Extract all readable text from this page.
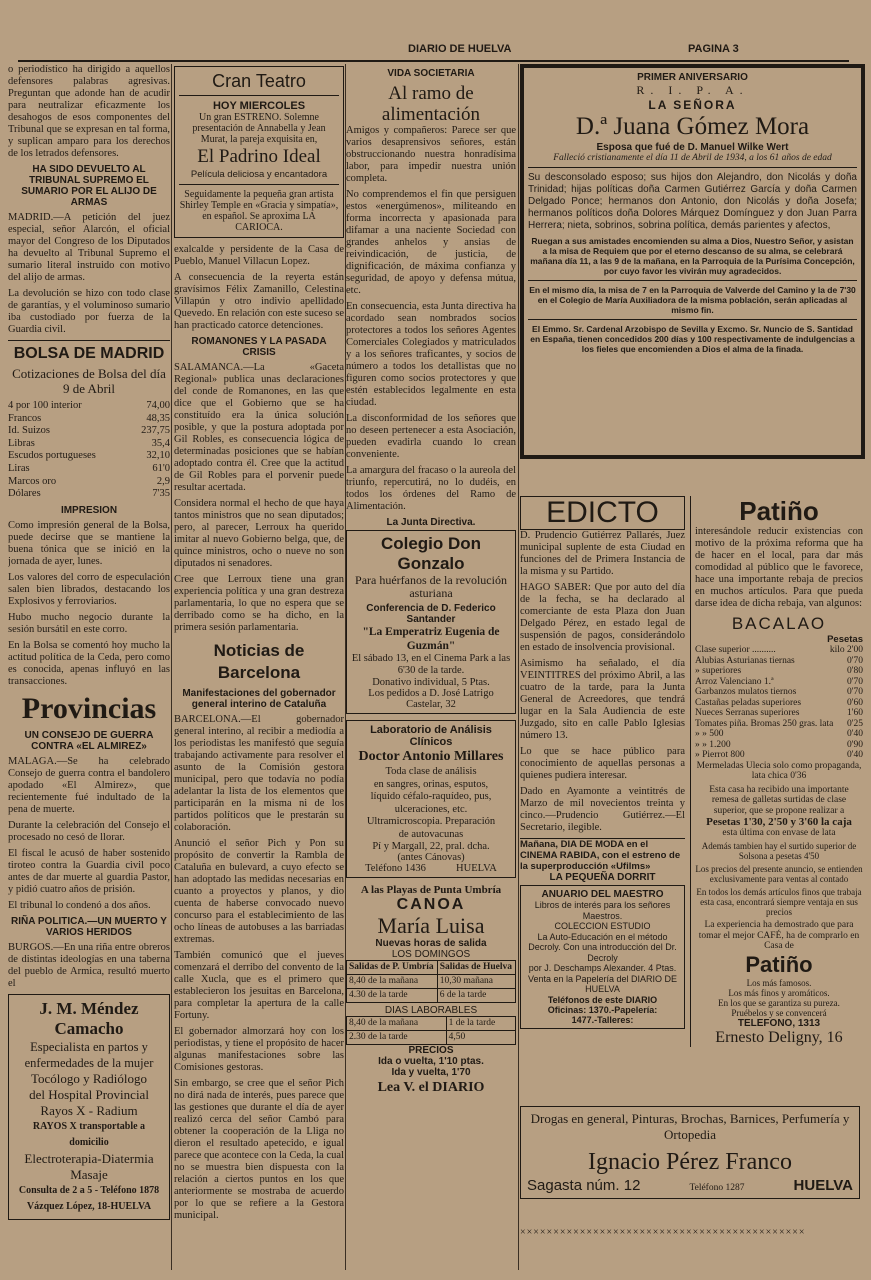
DIARIO DE HUELVA	PAGINA 3

o periodístico ha dirigido a aquellos defensores palabras agresivas. Preguntan que adonde han de acudir para neutralizar eficazmente los desahogos de esos componentes del Tribunal que se expresan en tal forma, y suplican amparo para los derechos de los letrados defensores.

HA SIDO DEVUELTO AL TRIBUNAL SUPREMO EL SUMARIO POR EL ALIJO DE ARMAS

MADRID.—A petición del juez especial, señor Alarcón, el oficial mayor del Congreso de los Diputados ha devuelto al Tribunal Supremo el sumario literal instruido con motivo del alijo de armas.

La devolución se hizo con todo clase de garantías, y el voluminoso sumario iba custodiado por fuerza de la Guardia civil.

BOLSA DE MADRID
Cotizaciones de Bolsa del día 9 de Abril
4 por 100 interior	74,00
Francos	48,35
Id. Suizos	237,75
Libras	35,4
Escudos portugueses	32,10
Liras	61'0
Marcos oro	2,9
Dólares	7'35
IMPRESION

Como impresión general de la Bolsa, puede decirse que se mantiene la buena tónica que se inició en la jornada de ayer, lunes.

Los valores del corro de especulación salen bien librados, destacando los Explosivos y ferroviarios.

Hubo mucho negocio durante la sesión bursátil en este corro.

En la Bolsa se comentó hoy mucho la actitud política de la Ceda, pero como es conocida, apenas influyó en las transacciones.

Provincias
UN CONSEJO DE GUERRA CONTRA «EL ALMIREZ»

MALAGA.—Se ha celebrado Consejo de guerra contra el bandolero apodado «El Almirez», que recientemente fué indultado de la pena de muerte.

Durante la celebración del Consejo el procesado no cesó de llorar.

El fiscal le acusó de haber sostenido tiroteo contra la Guardia civil poco antes de dar muerte al guardia Pastor, y pidió cuatro años de prisión.

El tribunal lo condenó a dos años.

RIÑA POLITICA.—UN MUERTO Y VARIOS HERIDOS

BURGOS.—En una riña entre obreros de distintas ideologías en una taberna del pueblo de Armica, resultó muerto el

J. M. Méndez Camacho
Especialista en partos y
enfermedades de la mujer
Tocólogo y Radiólogo
del Hospital Provincial
Rayos X - Radium
RAYOS X transportable a domicilio
Electroterapia-Diatermia
Masaje
Consulta de 2 a 5 - Teléfono 1878
Vázquez López, 18-HUELVA
Cran Teatro
HOY MIERCOLES
Un gran ESTRENO. Solemne presentación de Annabella y Jean Murat, la pareja exquisita en,
El Padrino Ideal
Película deliciosa y encantadora
Seguidamente la pequeña gran artista Shirley Temple en «Gracia y simpatía», en español. Se aproxima LA CARIOCA.

exalcalde y persidente de la Casa de Pueblo, Manuel Villacun Lopez.

A consecuencia de la reyerta están gravísimos Félix Zamanillo, Celestina Villapún y otro indivio apellidado Quevedo. En relación con este suceso se han practicado catorce detenciones.

ROMANONES Y LA PASADA CRISIS

SALAMANCA.—La «Gaceta Regional» publica unas declaraciones del conde de Romanones, en las que dice que el Gobierno que se ha constituído era la única solución posible, y que la postura adoptada por Gil Robles, es consecuencia lógica de determinadas posiciones que se habían adoptado contra él. Cree que la actitud de Gil Robles para el porvenir puede resultar acertada.

Considera normal el hecho de que haya tantos ministros que no sean diputados; pero, al parecer, Lerroux ha querido imitar al nuevo Gobierno belga, que, de quince ministros, ocho o nueve no son diputados ni senadores.

Cree que Lerroux tiene una gran experiencia política y una gran destreza parlamentaria, lo que no espera que se derribado como se ha dicho, en la primera sesión parlamentaria.

Noticias de Barcelona
Manifestaciones del gobernador general interino de Cataluña

BARCELONA.—El gobernador general interino, al recibir a mediodía a los periodistas les manifestó que seguía trabajando activamente para resolver el asunto de la Comisión gestora municipal, pero que todavía no podía adelantar la lista de los elementos que participarán en la misma ni de los partidos políticos que le prestarán su colaboración.

Anunció el señor Pich y Pon su propósito de convertir la Rambla de Cataluña en bulevard, a cuyo efecto se han adoptado las medidas necesarias en cuanto a proyectos y planos, y dio cuenta de haberse convocado nuevo concurso para el establecimiento de las ocho líneas de autobuses a las barriadas extremas.

También comunicó que el jueves comenzará el derribo del convento de la calle Xucla, que es el primero que establecieron los jesuitas en Barcelona, para completar la apertura de la calle Fortuny.

El gobernador almorzará hoy con los periodistas, y tiene el propósito de hacer algunas manifestaciones sobre las Comisiones gestoras.

Sin embargo, se cree que el señor Pich no dirá nada de interés, pues parece que las gestiones que durante el día de ayer realizó cerca del señor Cambó para obtener la cooperación de la Lliga no dieron el resultado apetecido, e igual parece que acontece con la Ceda, la cual no se muestra bien dispuesta con la relación a ciertos puntos en los que anteriormente se mostraba de acuerdo por lo que se refiere a la Gestora municipal.

VIDA SOCIETARIA
Al ramo de alimentación

Amigos y compañeros: Parece ser que varios desaprensivos señores, están obstruccionando nuestra honradísima labor, para impedir nuestra unión completa.

No comprendemos el fin que persiguen estos «energúmenos», militeando en forma incorrecta y apasionada para difamar a una naciente Sociedad con grandes anhelos y ansias de reivindicación, de justicia, de dignificación, de máxima confianza y seguridad, de apoyo y defensa mútua, etc.

En consecuencia, esta Junta directiva ha acordado sean nombrados socios protectores a todos los señores Agentes Comerciales Colegiados y matriculados y a los señores traficantes, y socios de número a todos los detallistas que no figuren como socios protectores y que estén establecidos legalmente en esta ciudad.

La disconformidad de los señores que no deseen pertenecer a esta Asociación, pueden evadirla cuando lo crean conveniente.

La amargura del fracaso o la aureola del triunfo, repercutirá, no lo dudéis, en todos los órdenes del Ramo de Alimentación.

La Junta Directiva.
Colegio Don Gonzalo
Para huérfanos de la revolución asturiana
Conferencia de D. Federico Santander
"La Emperatriz Eugenia de Guzmán"
El sábado 13, en el Cinema Park a las 6'30 de la tarde.
Donativo individual, 5 Ptas.
Los pedidos a D. José Latrigo
Castelar, 32
Laboratorio de Análisis Clínicos
Doctor Antonio Millares
Toda clase de análisis
en sangres, orinas, esputos,
líquido céfalo-raquídeo, pus,
ulceraciones, etc.
Ultramicroscopia. Preparación
de autovacunas
Pí y Margall, 22, pral. dcha.
(antes Cánovas)
Teléfono 1436	HUELVA
A las Playas de Punta Umbría
CANOA
María Luisa
Nuevas horas de salida
LOS DOMINGOS
Salidas de P. Umbría	Salidas de Huelva
8,40 de la mañana	10,30 mañana
4.30 de la tarde	6 de la tarde
DIAS LABORABLES
8,40 de la mañana	1 de la tarde
2.30 de la tarde	4,50
PRECIOS
Ida o vuelta, 1'10 ptas.
Ida y vuelta, 1'70
Lea V. el DIARIO
PRIMER ANIVERSARIO
R. I. P. A.
LA SEÑORA
D.ª Juana Gómez Mora
Esposa que fué de D. Manuel Wilke Wert
Falleció cristianamente el día 11 de Abril de 1934, a los 61 años de edad

Su desconsolado esposo; sus hijos don Alejandro, don Nicolás y doña Trinidad; hijas políticas doña Carmen Gutiérrez García y doña Carmen Delgado Ponce; hermanos don Antonio, don Nicolás y doña Josefa; hermanos políticos doña Dolores Márquez Domínguez y don Juan Parra Herrera; nieta, sobrinos, sobrina política, demás parientes y afectos,

Ruegan a sus amistades encomienden su alma a Dios, Nuestro Señor, y asistan a la misa de Requiem que por el eterno descanso de su alma, se celebrará mañana día 11, a las 9 de la mañana, en la Parroquia de la Purísima Concepción, por cuyo favor les vivirán muy agradecidos.
En el mismo día, la misa de 7 en la Parroquia de Valverde del Camino y la de 7'30 en el Colegio de María Auxiliadora de la misma población, serán aplicadas al mismo fin.
El Emmo. Sr. Cardenal Arzobispo de Sevilla y Excmo. Sr. Nuncio de S. Santidad en España, tienen concedidos 200 días y 100 respectivamente de indulgencias a los fieles que encomienden a Dios el alma de la finada.
EDICTO

D. Prudencio Gutiérrez Pallarés, Juez municipal suplente de esta Ciudad en funciones del de Primera Instancia de la misma y su Partido.

HAGO SABER: Que por auto del día de la fecha, se ha declarado al comerciante de esta Plaza don Juan Delgado Pérez, en estado legal de suspensión de pagos, considerándolo en estado de insolvencia provisional.

Asimismo ha señalado, el día VEINTITRES del próximo Abril, a las cuatro de la tarde, para la Junta General de Acreedores, que tendrá lugar en la Sala Audiencia de este Juzgado, sito en calle Pablo Iglesias número 13.

Lo que se hace público para conocimiento de aquellas personas a quienes pudiera interesar.

Dado en Ayamonte a veintitrés de Marzo de mil novecientos treinta y cinco.—Prudencio Gutiérrez.—El Secretario, ilegible.

Mañana, DIA DE MODA en el CINEMA RABIDA, con el estreno de la superproducción «Ufilms»
LA PEQUEÑA DORRIT
ANUARIO DEL MAESTRO
Libros de interés para los señores Maestros.
COLECCION ESTUDIO
La Auto-Educación en el método Decroly. Con una introducción del Dr. Decroly
por J. Deschamps Alexander. 4 Ptas.
Venta en la Papelería del DIARIO DE HUELVA
Teléfonos de este DIARIO
Oficinas: 1370.-Papelería:
1477.-Talleres:
Patiño

interesándole reducir existencias con motivo de la próxima reforma que ha de hacer en el local, para dar más comodidad al público que le favorece, hace una importante rebaja de precios en muchos artículos. Para que pueda darse idea de dicha rebaja, van algunos:

BACALAO
Pesetas
Clase superior ..........	kilo 2'00
Alubias Asturianas tiernas	0'70
» superiores	0'80
Arroz Valenciano 1.ª	0'70
Garbanzos mulatos tiernos	0'70
Castañas peladas superiores	0'60
Nueces Serranas superiores	1'60
Tomates piña. Bromas 250 gras. lata 0'25
» » 500	0'40
» » 1.200	0'90
» Pierrot 800	0'40
Mermeladas Ulecia solo como propaganda, lata chica 0'36
Esta casa ha recibido una importante remesa de galletas surtidas de clase superior, que se propone realizar a
Pesetas 1'30, 2'50 y 3'60 la caja
esta última con envase de lata
Además tambien hay el surtido superior de Solsona a pesetas 4'50
Los precios del presente anuncio, se entienden exclusivamente para ventas al contado
En todos los demás artículos finos que trabaja esta casa, encontrará siempre ventaja en sus precios
La experiencia ha demostrado que para tomar el mejor CAFÉ, ha de comprarlo en Casa de
Patiño
Los más famosos.
Los más finos y aromáticos.
En los que se garantiza su pureza.
Pruébelos y se convencerá
TELEFONO, 1313
Ernesto Deligny, 16
Drogas en general, Pinturas, Brochas, Barnices, Perfumería y Ortopedia
Ignacio Pérez Franco
Sagasta núm. 12	Teléfono 1287	HUELVA
×××××××××××××××××××××××××××××××××××××××××××
